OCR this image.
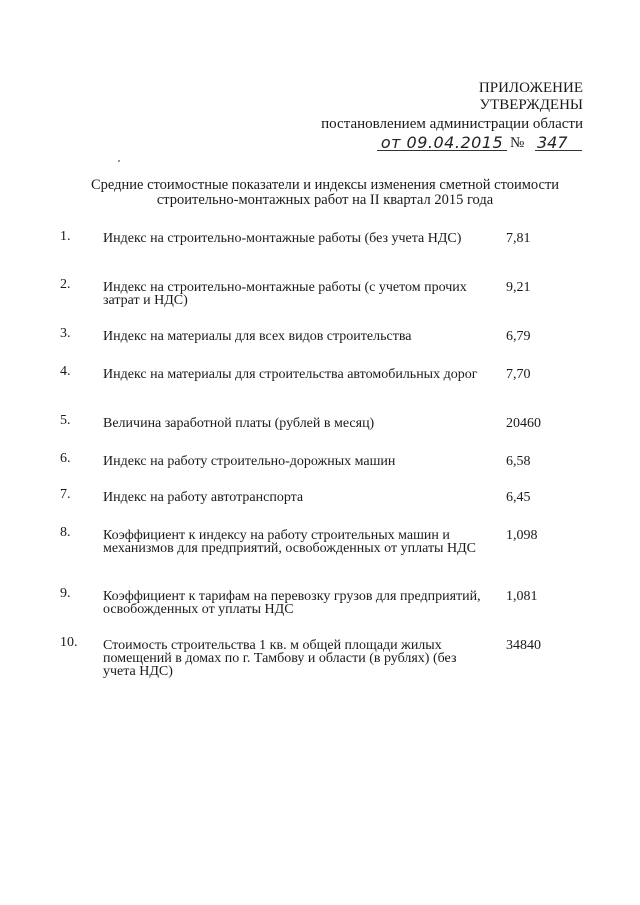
ПРИЛОЖЕНИЕ
УТВЕРЖДЕНЫ
постановлением администрации области
от 09.04.2015 № 347
Средние стоимостные показатели и индексы изменения сметной стоимости
строительно-монтажных работ на II квартал 2015 года
1. Индекс на строительно-монтажные работы (без учета НДС)	7,81
2. Индекс на строительно-монтажные работы (с учетом прочих затрат и НДС)
9,21
3. Индекс на материалы для всех видов строительства	6,79
4. Индекс на материалы для строительства автомобильных дорог	7,70
5. Величина заработной платы (рублей в месяц)	20460
6. Индекс на работу строительно-дорожных машин	6,58
7. Индекс на работу автотранспорта	6,45
8. Коэффициент к индексу на работу строительных машин и механизмов для предприятий, освобожденных от уплаты НДС
1,098
9. Коэффициент к тарифам на перевозку грузов для предприятий, освобожденных от уплаты НДС
1,081
10. Стоимость строительства 1 кв. м общей площади жилых помещений в домах по г. Тамбову и области (в рублях) (без учета НДС)
34840
